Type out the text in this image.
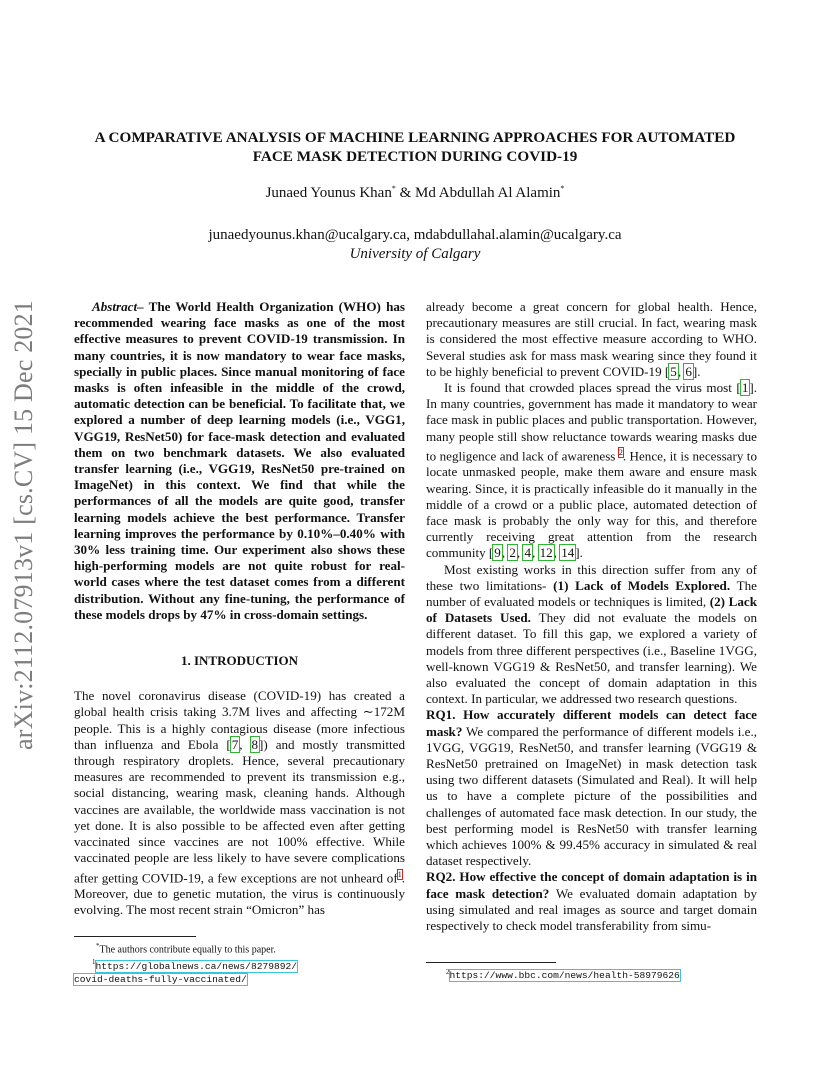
arXiv:2112.07913v1 [cs.CV] 15 Dec 2021
A COMPARATIVE ANALYSIS OF MACHINE LEARNING APPROACHES FOR AUTOMATED
FACE MASK DETECTION DURING COVID-19
Junaed Younus Khan* & Md Abdullah Al Alamin*
junaedyounus.khan@ucalgary.ca, mdabdullahal.alamin@ucalgary.ca
University of Calgary

Abstract– The World Health Organization (WHO) has recommended wearing face masks as one of the most effective measures to prevent COVID-19 transmission. In many countries, it is now mandatory to wear face masks, specially in public places. Since manual monitoring of face masks is often infeasible in the middle of the crowd, automatic detection can be beneficial. To facilitate that, we explored a number of deep learning models (i.e., VGG1, VGG19, ResNet50) for face-mask detection and evaluated them on two benchmark datasets. We also evaluated transfer learning (i.e., VGG19, ResNet50 pre-trained on ImageNet) in this context. We find that while the performances of all the models are quite good, transfer learning models achieve the best performance. Transfer learning improves the performance by 0.10%–0.40% with 30% less training time. Our experiment also shows these high-performing models are not quite robust for real-world cases where the test dataset comes from a different distribution. Without any fine-tuning, the performance of these models drops by 47% in cross-domain settings.

1. INTRODUCTION

The novel coronavirus disease (COVID-19) has created a global health crisis taking 3.7M lives and affecting ∼172M people. This is a highly contagious disease (more infectious than influenza and Ebola [7, 8]) and mostly transmitted through respiratory droplets. Hence, several precautionary measures are recommended to prevent its transmission e.g., social distancing, wearing mask, cleaning hands. Although vaccines are available, the worldwide mass vaccination is not yet done. It is also possible to be affected even after getting vaccinated since vaccines are not 100% effective. While vaccinated people are less likely to have severe complications after getting COVID-19, a few exceptions are not unheard of$^1$. Moreover, due to genetic mutation, the virus is continuously evolving. The most recent strain “Omicron” has

*The authors contribute equally to this paper.
$^1$https://globalnews.ca/news/8279892/
covid-deaths-fully-vaccinated/

already become a great concern for global health. Hence, precautionary measures are still crucial. In fact, wearing mask is considered the most effective measure according to WHO. Several studies ask for mass mask wearing since they found it to be highly beneficial to prevent COVID-19 [5, 6].

It is found that crowded places spread the virus most [1]. In many countries, government has made it mandatory to wear face mask in public places and public transportation. However, many people still show reluctance towards wearing masks due to negligence and lack of awareness $^2$. Hence, it is necessary to locate unmasked people, make them aware and ensure mask wearing. Since, it is practically infeasible do it manually in the middle of a crowd or a public place, automated detection of face mask is probably the only way for this, and therefore currently receiving great attention from the research community [9, 2, 4, 12, 14].

Most existing works in this direction suffer from any of these two limitations- (1) Lack of Models Explored. The number of evaluated models or techniques is limited, (2) Lack of Datasets Used. They did not evaluate the models on different dataset. To fill this gap, we explored a variety of models from three different perspectives (i.e., Baseline 1VGG, well-known VGG19 & ResNet50, and transfer learning). We also evaluated the concept of domain adaptation in this context. In particular, we addressed two research questions.

RQ1. How accurately different models can detect face mask? We compared the performance of different models i.e., 1VGG, VGG19, ResNet50, and transfer learning (VGG19 & ResNet50 pretrained on ImageNet) in mask detection task using two different datasets (Simulated and Real). It will help us to have a complete picture of the possibilities and challenges of automated face mask detection. In our study, the best performing model is ResNet50 with transfer learning which achieves 100% & 99.45% accuracy in simulated & real dataset respectively.

RQ2. How effective the concept of domain adaptation is in face mask detection? We evaluated domain adaptation by using simulated and real images as source and target domain respectively to check model transferability from simu-

$^2$https://www.bbc.com/news/health-58979626
